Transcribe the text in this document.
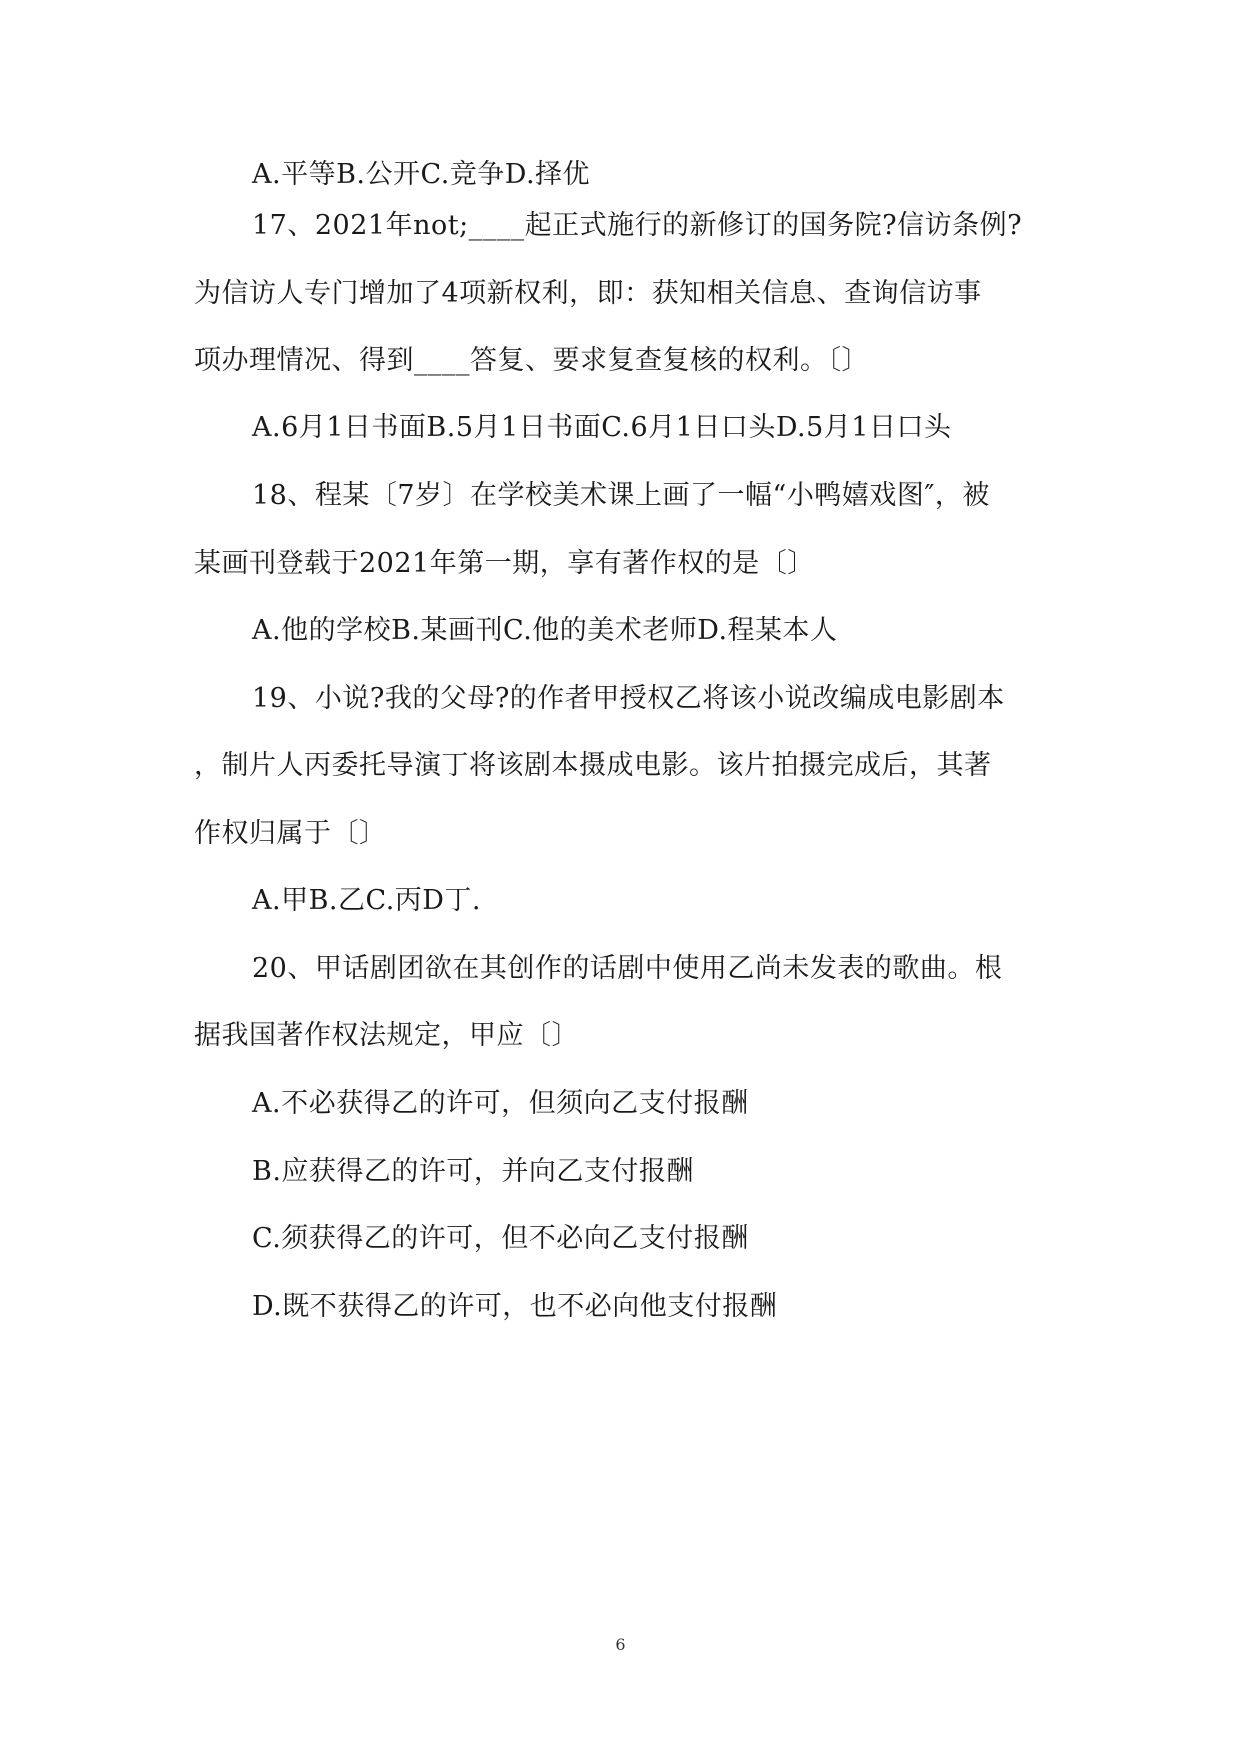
A.平等B.公开C.竞争D.择优
17、2021年not;____起正式施行的新修订的国务院?信访条例?
为信访人专门增加了4项新权利，即：获知相关信息、查询信访事
项办理情况、得到____答复、要求复查复核的权利。〔〕
A.6月1日书面B.5月1日书面C.6月1日口头D.5月1日口头
18、程某〔7岁〕在学校美术课上画了一幅“小鸭嬉戏图″，被
某画刊登载于2021年第一期，享有著作权的是〔〕
A.他的学校B.某画刊C.他的美术老师D.程某本人
19、小说?我的父母?的作者甲授权乙将该小说改编成电影剧本
，制片人丙委托导演丁将该剧本摄成电影。该片拍摄完成后，其著
作权归属于〔〕
A.甲B.乙C.丙D丁.
20、甲话剧团欲在其创作的话剧中使用乙尚未发表的歌曲。根
据我国著作权法规定，甲应〔〕
A.不必获得乙的许可，但须向乙支付报酬
B.应获得乙的许可，并向乙支付报酬
C.须获得乙的许可，但不必向乙支付报酬
D.既不获得乙的许可，也不必向他支付报酬
6
